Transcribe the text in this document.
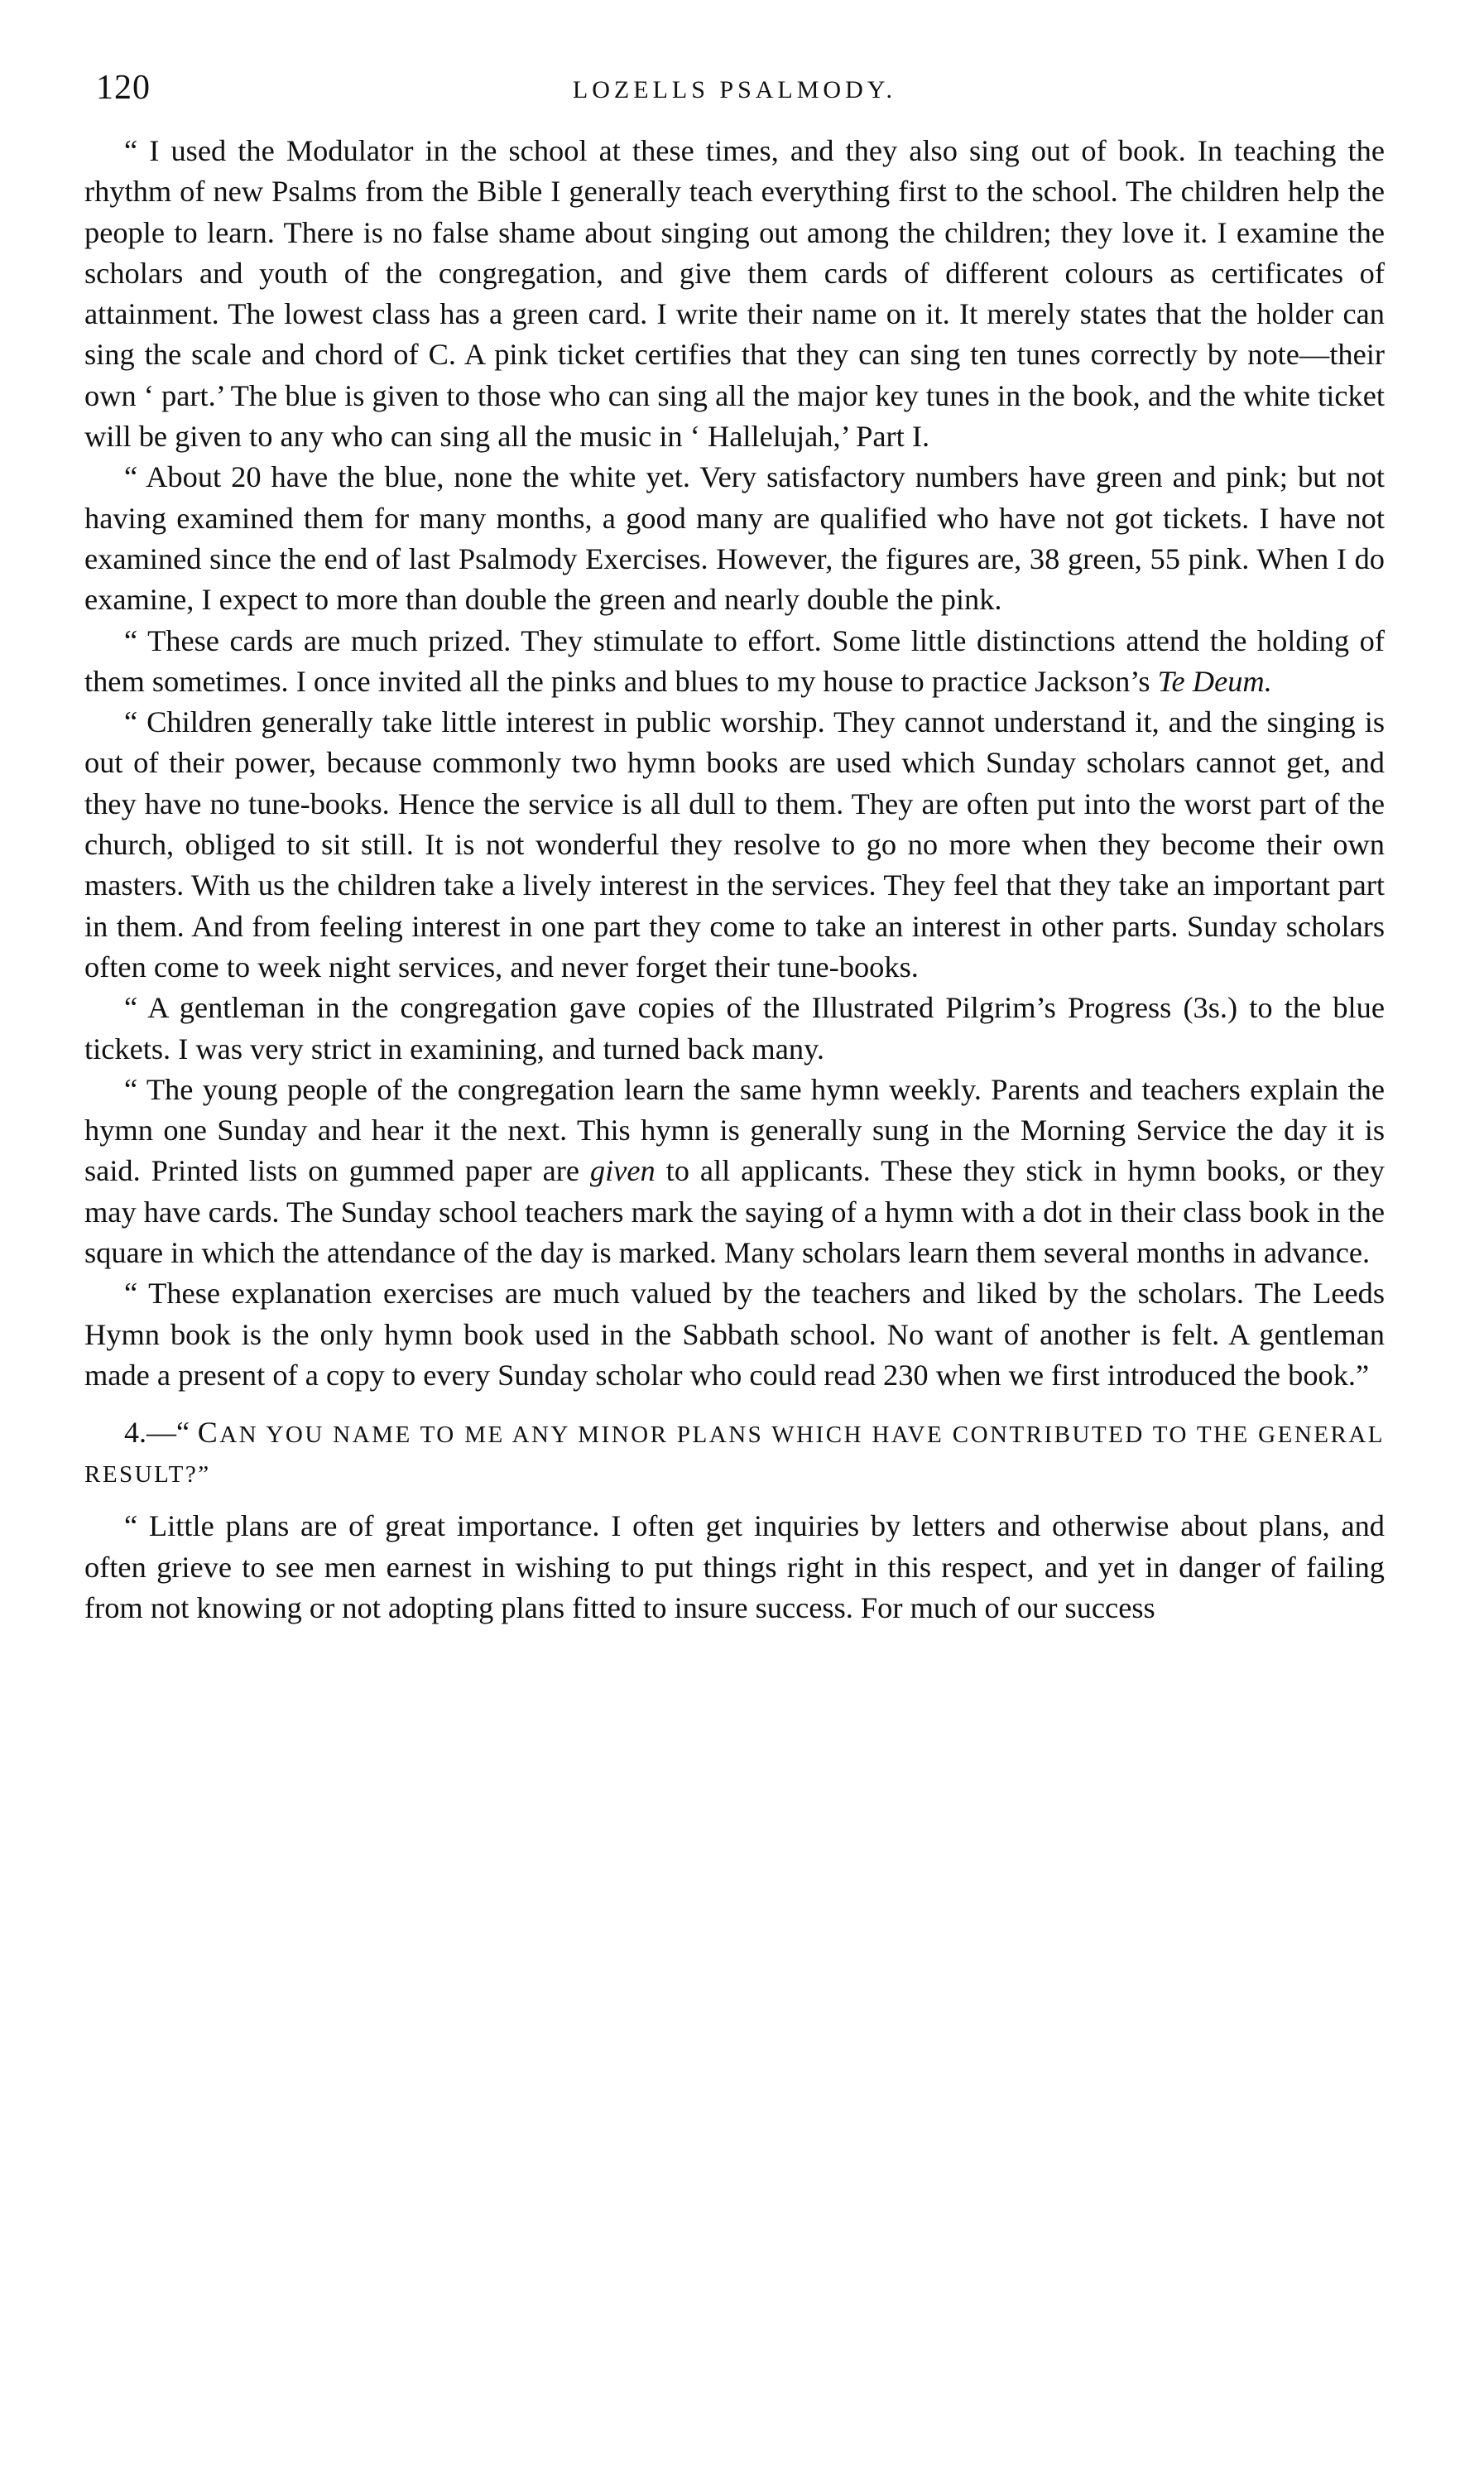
120	LOZELLS PSALMODY.

“ I used the Modulator in the school at these times, and they also sing out of book. In teaching the rhythm of new Psalms from the Bible I generally teach everything first to the school. The children help the people to learn. There is no false shame about singing out among the children; they love it. I examine the scholars and youth of the congregation, and give them cards of different colours as certificates of attainment. The lowest class has a green card. I write their name on it. It merely states that the holder can sing the scale and chord of C. A pink ticket certifies that they can sing ten tunes correctly by note—their own ‘ part.’ The blue is given to those who can sing all the major key tunes in the book, and the white ticket will be given to any who can sing all the music in ‘ Hallelujah,’ Part I.

“ About 20 have the blue, none the white yet. Very satisfactory numbers have green and pink; but not having examined them for many months, a good many are qualified who have not got tickets. I have not examined since the end of last Psalmody Exercises. However, the figures are, 38 green, 55 pink. When I do examine, I expect to more than double the green and nearly double the pink.

“ These cards are much prized. They stimulate to effort. Some little distinctions attend the holding of them sometimes. I once invited all the pinks and blues to my house to practice Jackson’s Te Deum.

“ Children generally take little interest in public worship. They cannot understand it, and the singing is out of their power, because commonly two hymn books are used which Sunday scholars cannot get, and they have no tune-books. Hence the service is all dull to them. They are often put into the worst part of the church, obliged to sit still. It is not wonderful they resolve to go no more when they become their own masters. With us the children take a lively interest in the services. They feel that they take an important part in them. And from feeling interest in one part they come to take an interest in other parts. Sunday scholars often come to week night services, and never forget their tune-books.

“ A gentleman in the congregation gave copies of the Illustrated Pilgrim’s Progress (3s.) to the blue tickets. I was very strict in examining, and turned back many.

“ The young people of the congregation learn the same hymn weekly. Parents and teachers explain the hymn one Sunday and hear it the next. This hymn is generally sung in the Morning Service the day it is said. Printed lists on gummed paper are given to all applicants. These they stick in hymn books, or they may have cards. The Sunday school teachers mark the saying of a hymn with a dot in their class book in the square in which the attendance of the day is marked. Many scholars learn them several months in advance.

“ These explanation exercises are much valued by the teachers and liked by the scholars. The Leeds Hymn book is the only hymn book used in the Sabbath school. No want of another is felt. A gentleman made a present of a copy to every Sunday scholar who could read 230 when we first introduced the book.”

4.—“ CAN YOU NAME TO ME ANY MINOR PLANS WHICH HAVE CONTRIBUTED TO THE GENERAL RESULT?”

“ Little plans are of great importance. I often get inquiries by letters and otherwise about plans, and often grieve to see men earnest in wishing to put things right in this respect, and yet in danger of failing from not knowing or not adopting plans fitted to insure success. For much of our success
